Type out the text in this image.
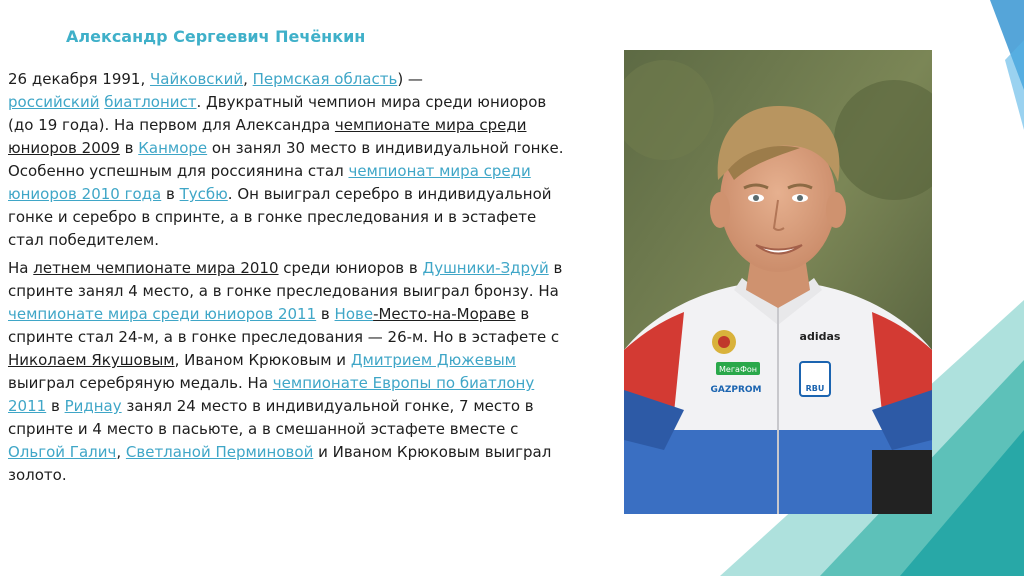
Александр Сергеевич Печёнкин

26 декабря 1991, Чайковский, Пермская область) —
российский биатлонист. Двукратный чемпион мира среди юниоров (до 19 года). На первом для Александра чемпионате мира среди юниоров 2009 в Канморе он занял 30 место в индивидуальной гонке. Особенно успешным для россиянина стал чемпионат мира среди юниоров 2010 года в Тусбю. Он выиграл серебро в индивидуальной гонке и серебро в спринте, а в гонке преследования и в эстафете стал победителем.

На летнем чемпионате мира 2010 среди юниоров в Душники-Здруй в спринте занял 4 место, а в гонке преследования выиграл бронзу. На чемпионате мира среди юниоров 2011 в Нове-Место-на-Мораве в спринте стал 24-м, а в гонке преследования — 26-м. Но в эстафете с Николаем Якушовым, Иваном Крюковым и Дмитрием Дюжевым выиграл серебряную медаль. На чемпионате Европы по биатлону 2011 в Риднау занял 24 место в индивидуальной гонке, 7 место в спринте и 4 место в пасьюте, а в смешанной эстафете вместе с Ольгой Галич, Светланой Перминовой и Иваном Крюковым выиграл золото.

МегаФон
GAZPROM
adidas
RBU
